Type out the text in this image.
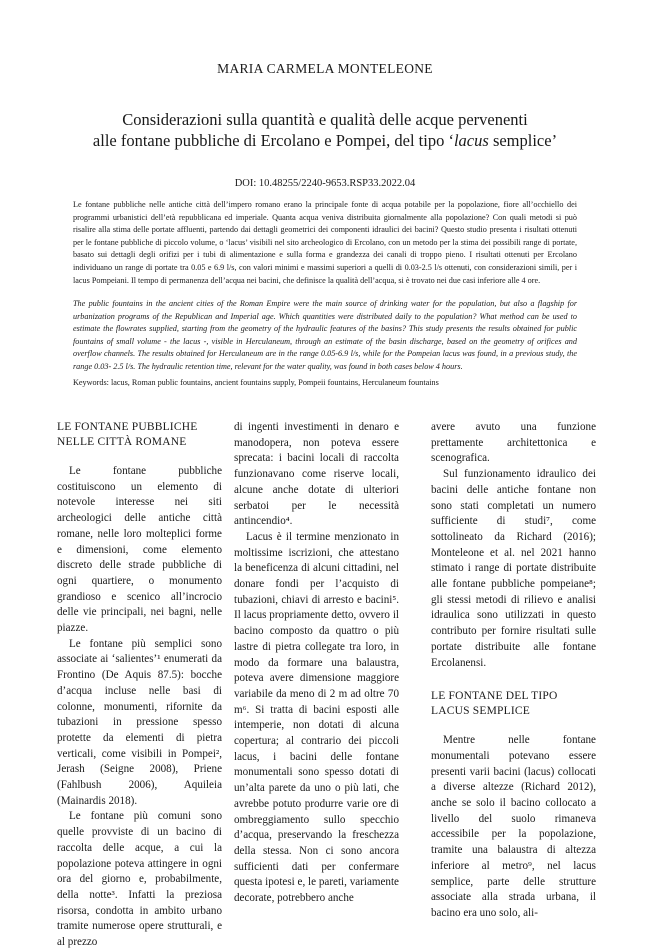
MARIA CARMELA MONTELEONE
Considerazioni sulla quantità e qualità delle acque pervenenti
alle fontane pubbliche di Ercolano e Pompei, del tipo ‘lacus semplice’
DOI: 10.48255/2240-9653.RSP33.2022.04
Le fontane pubbliche nelle antiche città dell’impero romano erano la principale fonte di acqua potabile per la popolazione, fiore all’occhiello dei programmi urbanistici dell’età repubblicana ed imperiale. Quanta acqua veniva distribuita giornalmente alla popolazione? Con quali metodi si può risalire alla stima delle portate affluenti, partendo dai dettagli geometrici dei componenti idraulici dei bacini? Questo studio presenta i risultati ottenuti per le fontane pubbliche di piccolo volume, o ‘lacus’ visibili nel sito archeologico di Ercolano, con un metodo per la stima dei possibili range di portate, basato sui dettagli degli orifizi per i tubi di alimentazione e sulla forma e grandezza dei canali di troppo pieno. I risultati ottenuti per Ercolano individuano un range di portate tra 0.05 e 6.9 l/s, con valori minimi e massimi superiori a quelli di 0.03-2.5 l/s ottenuti, con considerazioni simili, per i lacus Pompeiani. Il tempo di permanenza dell’acqua nei bacini, che definisce la qualità dell’acqua, si è trovato nei due casi inferiore alle 4 ore.
The public fountains in the ancient cities of the Roman Empire were the main source of drinking water for the population, but also a flagship for urbanization programs of the Republican and Imperial age. Which quantities were distributed daily to the population? What method can be used to estimate the flowrates supplied, starting from the geometry of the hydraulic features of the basins? This study presents the results obtained for public fountains of small volume - the lacus -, visible in Herculaneum, through an estimate of the basin discharge, based on the geometry of orifices and overflow channels. The results obtained for Herculaneum are in the range 0.05-6.9 l/s, while for the Pompeian lacus was found, in a previous study, the range 0.03- 2.5 l/s. The hydraulic retention time, relevant for the water quality, was found in both cases below 4 hours.
Keywords: lacus, Roman public fountains, ancient fountains supply, Pompeii fountains, Herculaneum fountains
LE FONTANE PUBBLICHE NELLE CITTÀ ROMANE

Le fontane pubbliche costituiscono un elemento di notevole interesse nei siti archeologici delle antiche città romane, nelle loro molteplici forme e dimensioni, come elemento discreto delle strade pubbliche di ogni quartiere, o monumento grandioso e scenico all’incrocio delle vie principali, nei bagni, nelle piazze.

Le fontane più semplici sono associate ai ‘salientes’¹ enumerati da Frontino (De Aquis 87.5): bocche d’acqua incluse nelle basi di colonne, monumenti, rifornite da tubazioni in pressione spesso protette da elementi di pietra verticali, come visibili in Pompei², Jerash (Seigne 2008), Priene (Fahlbush 2006), Aquileia (Mainardis 2018).

Le fontane più comuni sono quelle provviste di un bacino di raccolta delle acque, a cui la popolazione poteva attingere in ogni ora del giorno e, probabilmente, della notte³. Infatti la preziosa risorsa, condotta in ambito urbano tramite numerose opere strutturali, e al prezzo

di ingenti investimenti in denaro e manodopera, non poteva essere sprecata: i bacini locali di raccolta funzionavano come riserve locali, alcune anche dotate di ulteriori serbatoi per le necessità antincendio⁴.

Lacus è il termine menzionato in moltissime iscrizioni, che attestano la beneficenza di alcuni cittadini, nel donare fondi per l’acquisto di tubazioni, chiavi di arresto e bacini⁵. Il lacus propriamente detto, ovvero il bacino composto da quattro o più lastre di pietra collegate tra loro, in modo da formare una balaustra, poteva avere dimensione maggiore variabile da meno di 2 m ad oltre 70 m⁶. Si tratta di bacini esposti alle intemperie, non dotati di alcuna copertura; al contrario dei piccoli lacus, i bacini delle fontane monumentali sono spesso dotati di un’alta parete da uno o più lati, che avrebbe potuto produrre varie ore di ombreggiamento sullo specchio d’acqua, preservando la freschezza della stessa. Non ci sono ancora sufficienti dati per confermare questa ipotesi e, le pareti, variamente decorate, potrebbero anche

avere avuto una funzione prettamente architettonica e scenografica.

Sul funzionamento idraulico dei bacini delle antiche fontane non sono stati completati un numero sufficiente di studi⁷, come sottolineato da Richard (2016); Monteleone et al. nel 2021 hanno stimato i range di portate distribuite alle fontane pubbliche pompeiane⁸; gli stessi metodi di rilievo e analisi idraulica sono utilizzati in questo contributo per fornire risultati sulle portate distribuite alle fontane Ercolanensi.

LE FONTANE DEL TIPO LACUS SEMPLICE

Mentre nelle fontane monumentali potevano essere presenti varii bacini (lacus) collocati a diverse altezze (Richard 2012), anche se solo il bacino collocato a livello del suolo rimaneva accessibile per la popolazione, tramite una balaustra di altezza inferiore al metro⁹, nel lacus semplice, parte delle strutture associate alla strada urbana, il bacino era uno solo, ali-
